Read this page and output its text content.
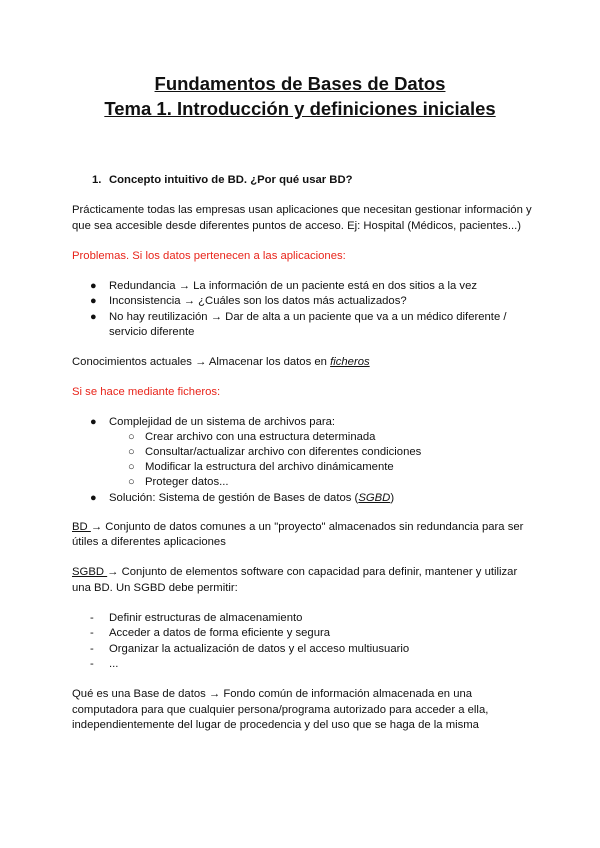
Fundamentos de Bases de Datos
Tema 1. Introducción y definiciones iniciales
1. Concepto intuitivo de BD. ¿Por qué usar BD?
Prácticamente todas las empresas usan aplicaciones que necesitan gestionar información y
que sea accesible desde diferentes puntos de acceso. Ej: Hospital (Médicos, pacientes...)
Problemas. Si los datos pertenecen a las aplicaciones:
● Redundancia → La información de un paciente está en dos sitios a la vez
● Inconsistencia → ¿Cuáles son los datos más actualizados?
● No hay reutilización → Dar de alta a un paciente que va a un médico diferente /
servicio diferente
Conocimientos actuales → Almacenar los datos en ficheros
Si se hace mediante ficheros:
● Complejidad de un sistema de archivos para:
○ Crear archivo con una estructura determinada
○ Consultar/actualizar archivo con diferentes condiciones
○ Modificar la estructura del archivo dinámicamente
○ Proteger datos...
● Solución: Sistema de gestión de Bases de datos (SGBD)
BD → Conjunto de datos comunes a un "proyecto" almacenados sin redundancia para ser
útiles a diferentes aplicaciones
SGBD → Conjunto de elementos software con capacidad para definir, mantener y utilizar
una BD. Un SGBD debe permitir:
- Definir estructuras de almacenamiento
- Acceder a datos de forma eficiente y segura
- Organizar la actualización de datos y el acceso multiusuario
- ...
Qué es una Base de datos → Fondo común de información almacenada en una
computadora para que cualquier persona/programa autorizado para acceder a ella,
independientemente del lugar de procedencia y del uso que se haga de la misma
